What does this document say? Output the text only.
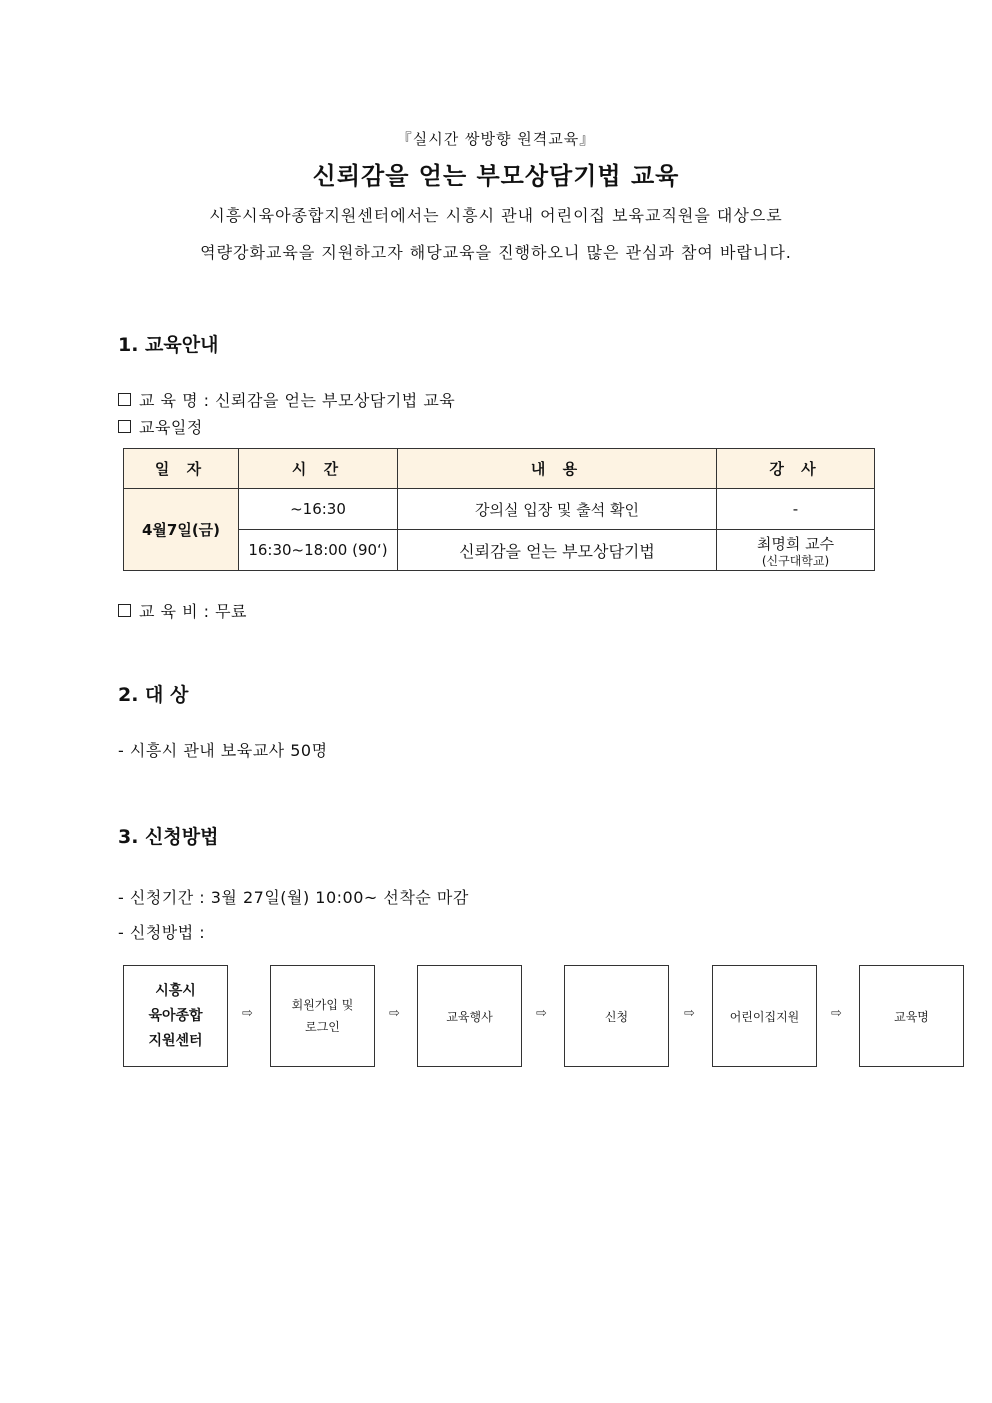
『실시간 쌍방향 원격교육』
신뢰감을 얻는 부모상담기법 교육
시흥시육아종합지원센터에서는 시흥시 관내 어린이집 보육교직원을 대상으로
역량강화교육을 지원하고자 해당교육을 진행하오니 많은 관심과 참여 바랍니다.
1. 교육안내
교 육 명 : 신뢰감을 얻는 부모상담기법 교육
교육일정
일 자	시 간	내 용	강 사
4월7일(금)	~16:30	강의실 입장 및 출석 확인	-
	16:30~18:00 (90‘)	신뢰감을 얻는 부모상담기법	최명희 교수
(신구대학교)
교 육 비 : 무료
2. 대 상
- 시흥시 관내 보육교사 50명
3. 신청방법
- 신청기간 : 3월 27일(월) 10:00~ 선착순 마감
- 신청방법 :
시흥시
육아종합
지원센터
⇨
회원가입 및
로그인
⇨	교육행사	⇨	신청	⇨	어린이집지원	⇨	교육명
